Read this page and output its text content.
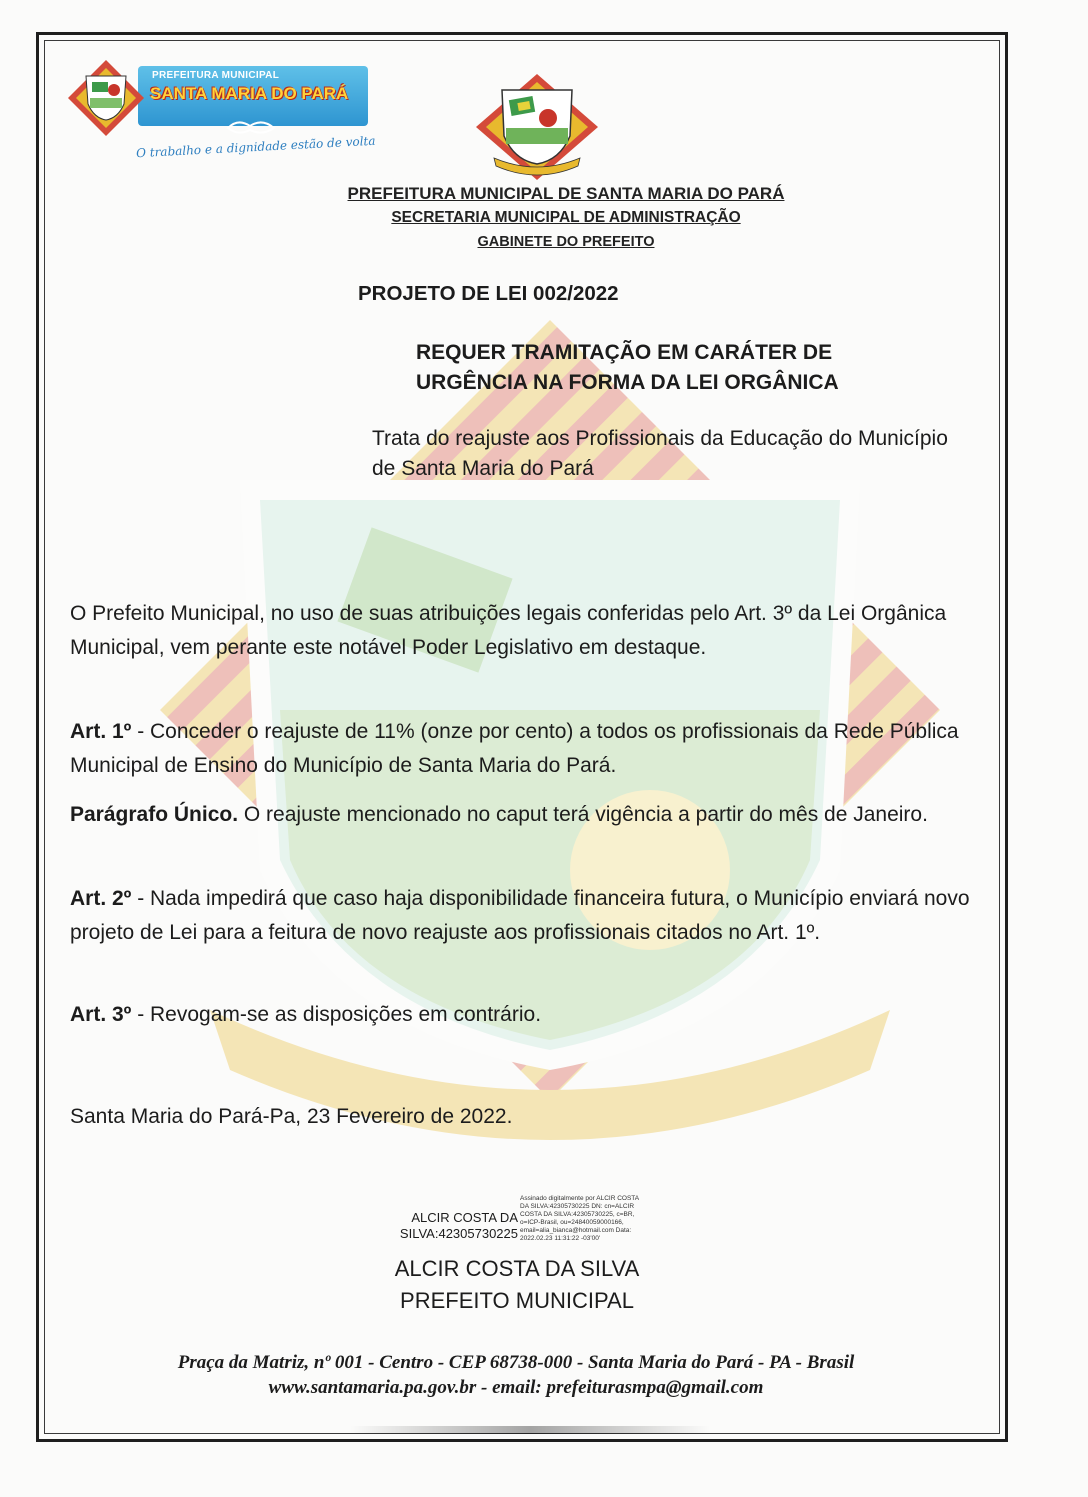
PREFEITURA MUNICIPAL
SANTA MARIA DO PARÁ
O trabalho e a dignidade estão de volta
PREFEITURA MUNICIPAL DE SANTA MARIA DO PARÁ
SECRETARIA MUNICIPAL DE ADMINISTRAÇÃO
GABINETE DO PREFEITO
PROJETO DE LEI 002/2022
REQUER TRAMITAÇÃO EM CARÁTER DE URGÊNCIA NA FORMA DA LEI ORGÂNICA
Trata do reajuste aos Profissionais da Educação do Município de Santa Maria do Pará
O Prefeito Municipal, no uso de suas atribuições legais conferidas pelo Art. 3º da Lei Orgânica Municipal, vem perante este notável Poder Legislativo em destaque.
Art. 1º - Conceder o reajuste de 11% (onze por cento) a todos os profissionais da Rede Pública Municipal de Ensino do Município de Santa Maria do Pará.
Parágrafo Único. O reajuste mencionado no caput terá vigência a partir do mês de Janeiro.
Art. 2º - Nada impedirá que caso haja disponibilidade financeira futura, o Município enviará novo projeto de Lei para a feitura de novo reajuste aos profissionais citados no Art. 1º.
Art. 3º - Revogam-se as disposições em contrário.
Santa Maria do Pará-Pa, 23 Fevereiro de 2022.
ALCIR COSTA DA
SILVA:42305730225
Assinado digitalmente por ALCIR COSTA DA SILVA:42305730225 DN: cn=ALCIR COSTA DA SILVA:42305730225, c=BR, o=ICP-Brasil, ou=24840059000166, email=alia_bianca@hotmail.com Data: 2022.02.23 11:31:22 -03'00'
ALCIR COSTA DA SILVA
PREFEITO MUNICIPAL
Praça da Matriz, nº 001 - Centro - CEP 68738-000 - Santa Maria do Pará - PA - Brasil
www.santamaria.pa.gov.br - email: prefeiturasmpa@gmail.com
